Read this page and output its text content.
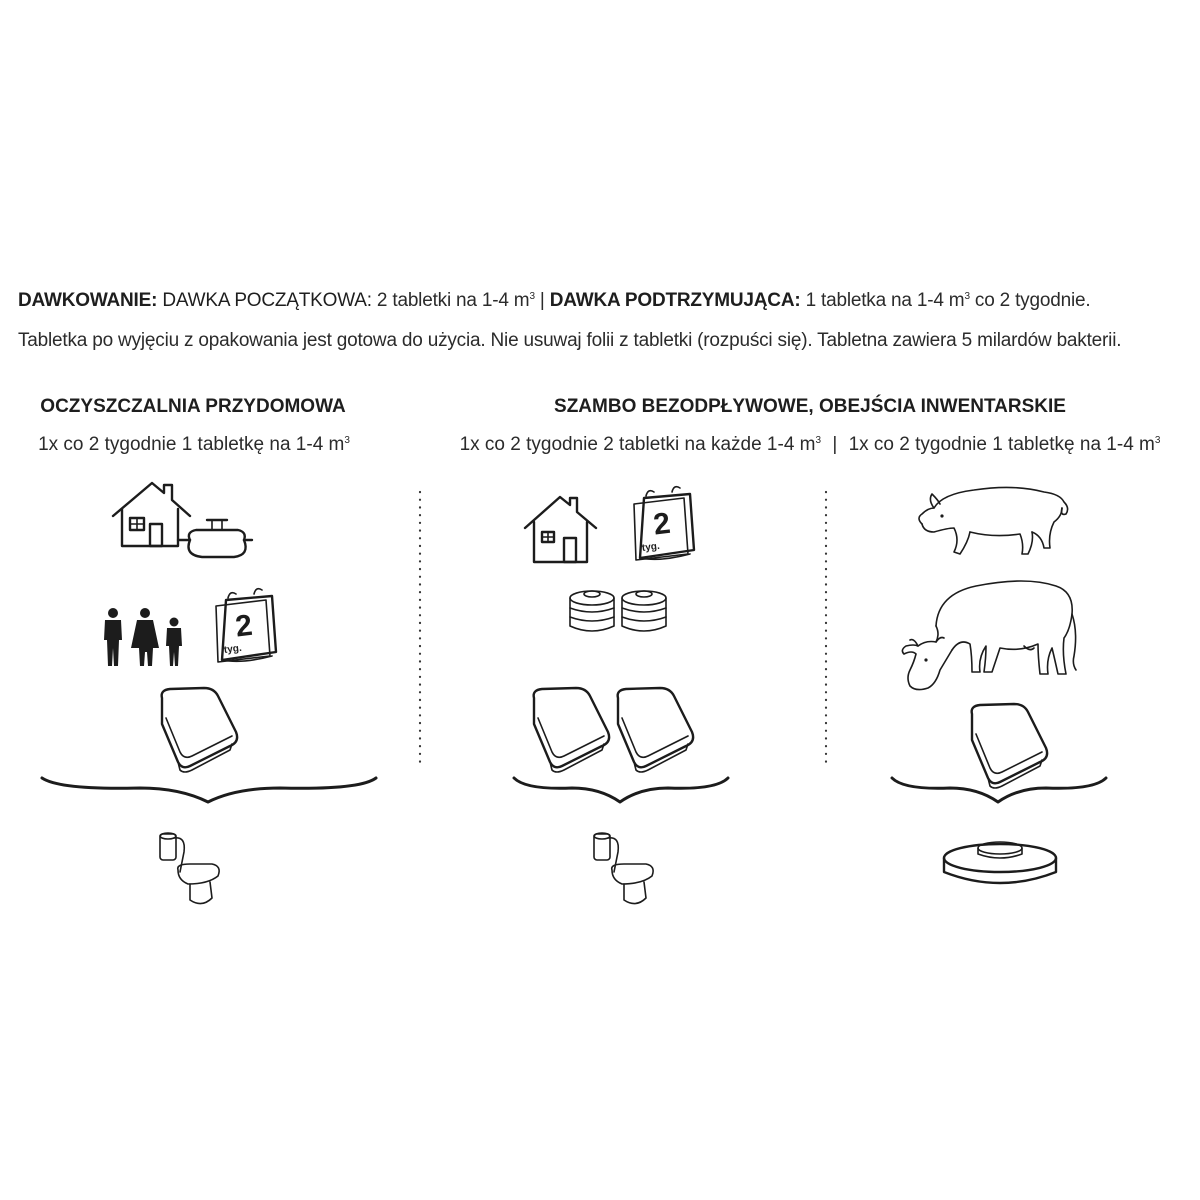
DAWKOWANIE: DAWKA POCZĄTKOWA: 2 tabletki na 1-4 $m^3$ | DAWKA PODTRZYMUJĄCA: 1 tabletka na 1-4 $m^3$ co 2 tygodnie.
Tabletka po wyjęciu z opakowania jest gotowa do użycia. Nie usuwaj folii z tabletki (rozpuści się). Tabletna zawiera 5 milardów bakterii.
OCZYSZCZALNIA PRZYDOMOWA
1x co 2 tygodnie 1 tabletkę na 1-4 $m^3$
SZAMBO BEZODPŁYWOWE, OBEJŚCIA INWENTARSKIE
1x co 2 tygodnie 2 tabletki na każde 1-4 $m^3$ | 1x co 2 tygodnie 1 tabletkę na 1-4 $m^3$
2
tyg.
2
tyg.
